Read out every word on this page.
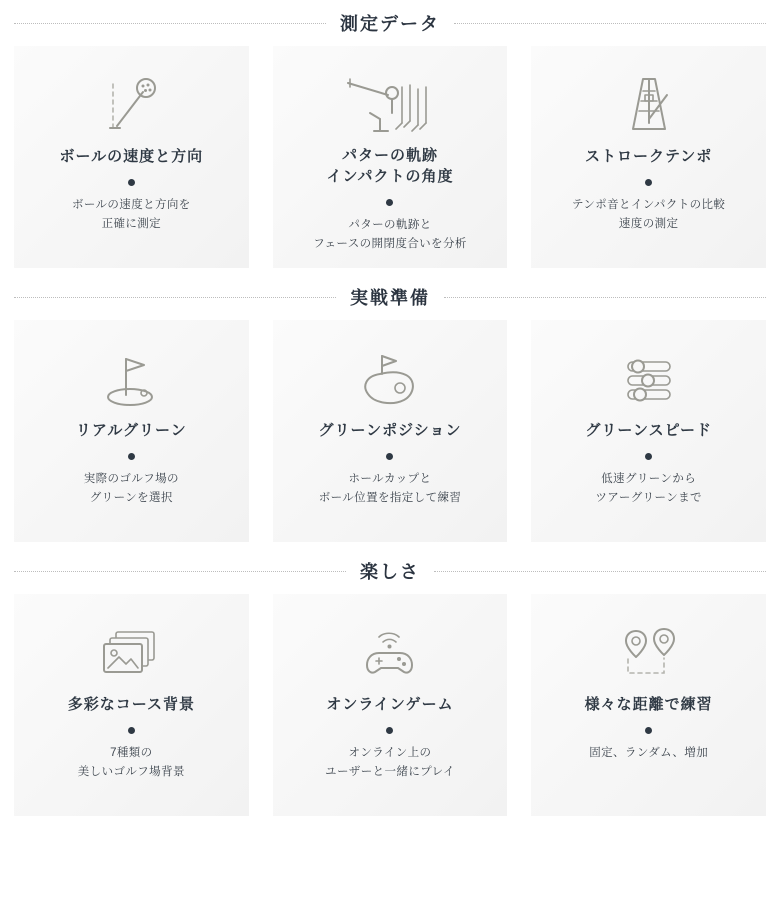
測定データ
ボールの速度と方向
ボールの速度と方向を
正確に測定
パターの軌跡
インパクトの角度
パターの軌跡と
フェースの開閉度合いを分析
ストロークテンポ
テンポ音とインパクトの比較
速度の測定
実戦準備
リアルグリーン
実際のゴルフ場の
グリーンを選択
グリーンポジション
ホールカップと
ボール位置を指定して練習
グリーンスピード
低速グリーンから
ツアーグリーンまで
楽しさ
多彩なコース背景
7種類の
美しいゴルフ場背景
オンラインゲーム
オンライン上の
ユーザーと一緒にプレイ
様々な距離で練習
固定、ランダム、増加
